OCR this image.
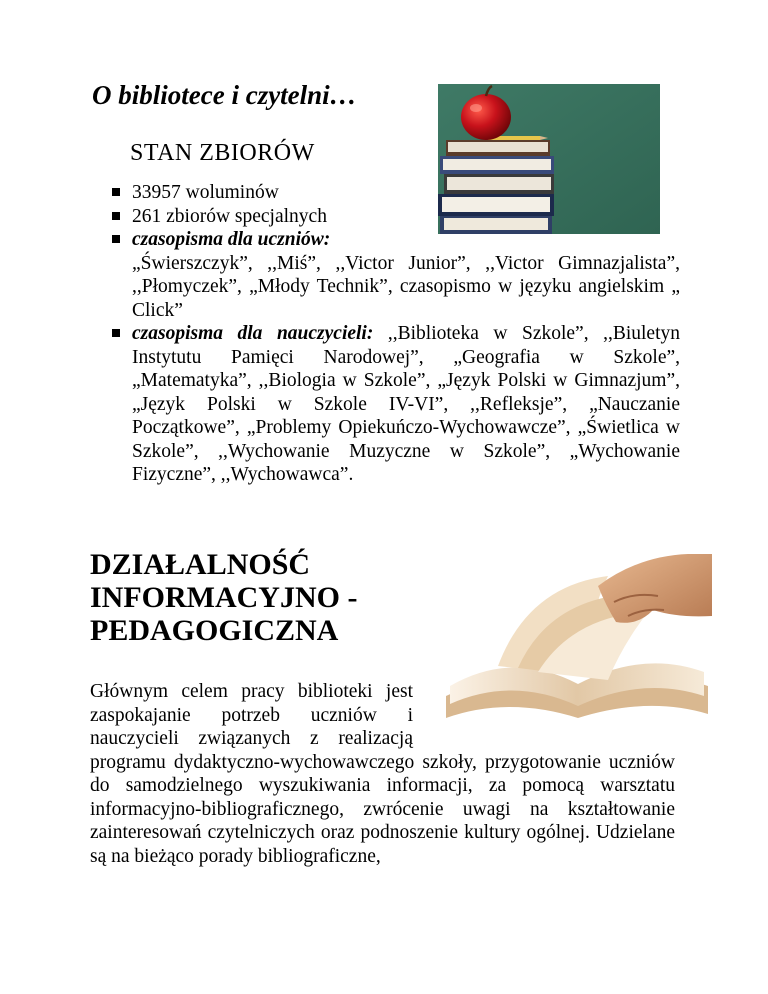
O bibliotece i czytelni…
STAN ZBIORÓW
33957 woluminów
261 zbiorów specjalnych
czasopisma dla uczniów:
„Świerszczyk”, ,,Miś”, ,,Victor Junior”, ,,Victor Gimnazjalista”, ,,Płomyczek”, „Młody Technik”, czasopismo w języku angielskim „ Click”
czasopisma dla nauczycieli: ,,Biblioteka w Szkole”, ,,Biuletyn Instytutu Pamięci Narodowej”, „Geografia w Szkole”, „Matematyka”, ,,Biologia w Szkole”, „Język Polski w Gimnazjum”, „Język Polski w Szkole IV-VI”, ,,Refleksje”, „Nauczanie Początkowe”, „Problemy Opiekuńczo-Wychowawcze”, „Świetlica w Szkole”, ,,Wychowanie Muzyczne w Szkole”, „Wychowanie Fizyczne”, ,,Wychowawca”.
DZIAŁALNOŚĆ
INFORMACYJNO -
PEDAGOGICZNA

Głównym celem pracy biblioteki jest zaspokajanie potrzeb uczniów i nauczycieli związanych z realizacją programu dydaktyczno-wychowawczego szkoły, przygotowanie uczniów do samodzielnego wyszukiwania informacji, za pomocą warsztatu informacyjno-bibliograficznego, zwrócenie uwagi na kształtowanie zainteresowań czytelniczych oraz podnoszenie kultury ogólnej. Udzielane są na bieżąco porady bibliograficzne,
